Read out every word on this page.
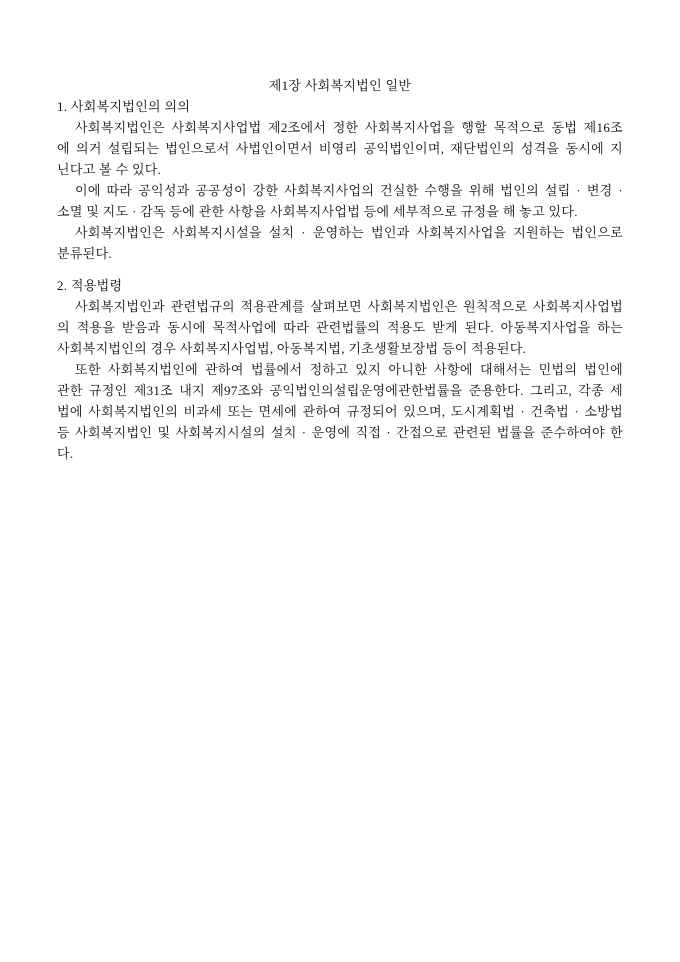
제1장 사회복지법인 일반
1. 사회복지법인의 의의
사회복지법인은 사회복지사업법 제2조에서 정한 사회복지사업을 행할 목적으로 동법 제16조
에 의거 설립되는 법인으로서 사법인이면서 비영리 공익법인이며, 재단법인의 성격을 동시에 지
닌다고 볼 수 있다.
이에 따라 공익성과 공공성이 강한 사회복지사업의 건실한 수행을 위해 법인의 설립 · 변경 ·
소멸 및 지도 · 감독 등에 관한 사항을 사회복지사업법 등에 세부적으로 규정을 해 놓고 있다.
사회복지법인은 사회복지시설을 설치 · 운영하는 법인과 사회복지사업을 지원하는 법인으로
분류된다.
2. 적용법령
사회복지법인과 관련법규의 적용관계를 살펴보면 사회복지법인은 원칙적으로 사회복지사업법
의 적용을 받음과 동시에 목적사업에 따라 관련법률의 적용도 받게 된다. 아동복지사업을 하는
사회복지법인의 경우 사회복지사업법, 아동복지법, 기초생활보장법 등이 적용된다.
또한 사회복지법인에 관하여 법률에서 정하고 있지 아니한 사항에 대해서는 민법의 법인에
관한 규정인 제31조 내지 제97조와 공익법인의설립운영에관한법률을 준용한다. 그리고, 각종 세
법에 사회복지법인의 비과세 또는 면세에 관하여 규정되어 있으며, 도시계획법 · 건축법 · 소방법
등 사회복지법인 및 사회복지시설의 설치 · 운영에 직접 · 간접으로 관련된 법률을 준수하여야 한
다.
